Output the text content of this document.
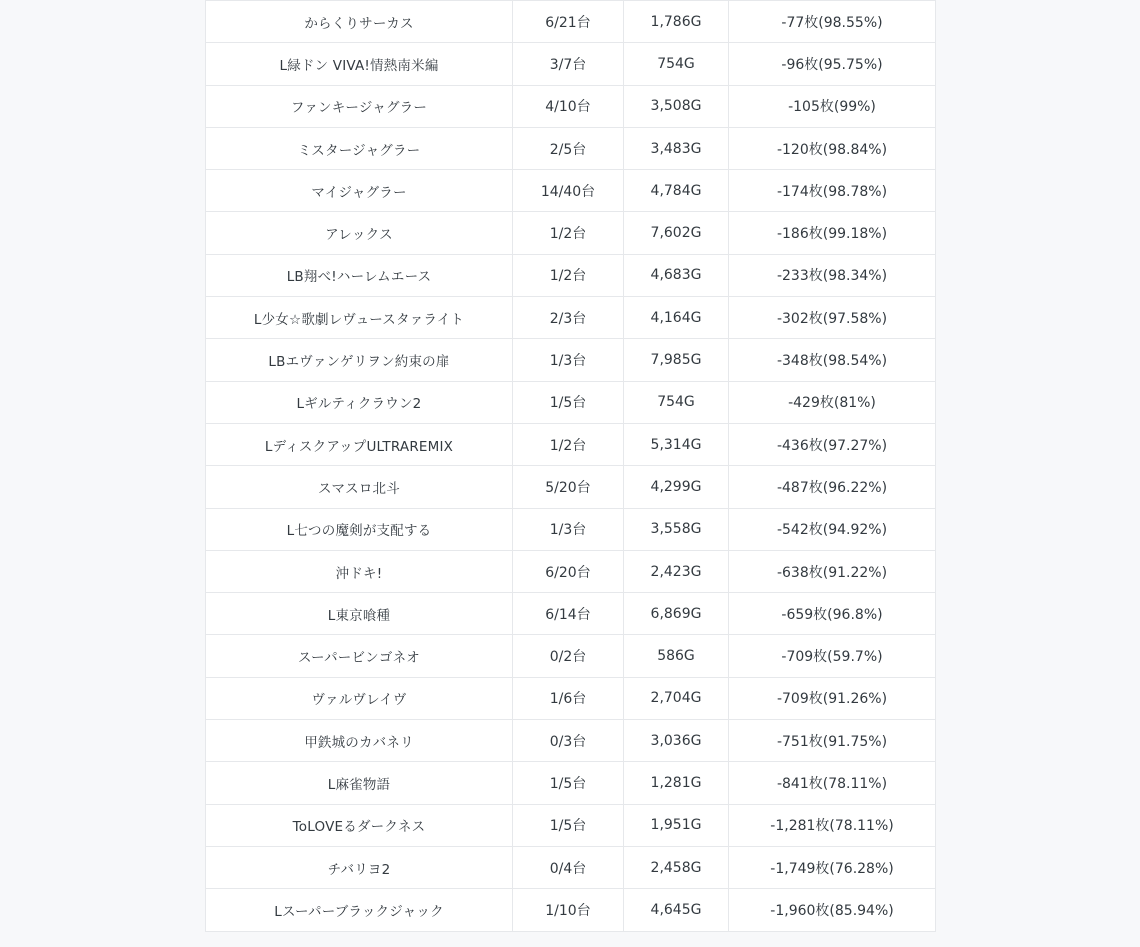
からくりサーカス	6/21台	1,786G	-77枚(98.55%)
L緑ドン VIVA!情熱南米編	3/7台	754G	-96枚(95.75%)
ファンキージャグラー	4/10台	3,508G	-105枚(99%)
ミスタージャグラー	2/5台	3,483G	-120枚(98.84%)
マイジャグラー	14/40台	4,784G	-174枚(98.78%)
アレックス	1/2台	7,602G	-186枚(99.18%)
LB翔べ!ハーレムエース	1/2台	4,683G	-233枚(98.34%)
L少女☆歌劇レヴュースタァライト	2/3台	4,164G	-302枚(97.58%)
LBエヴァンゲリヲン約束の扉	1/3台	7,985G	-348枚(98.54%)
Lギルティクラウン2	1/5台	754G	-429枚(81%)
LディスクアップULTRAREMIX	1/2台	5,314G	-436枚(97.27%)
スマスロ北斗	5/20台	4,299G	-487枚(96.22%)
L七つの魔剣が支配する	1/3台	3,558G	-542枚(94.92%)
沖ドキ!	6/20台	2,423G	-638枚(91.22%)
L東京喰種	6/14台	6,869G	-659枚(96.8%)
スーパービンゴネオ	0/2台	586G	-709枚(59.7%)
ヴァルヴレイヴ	1/6台	2,704G	-709枚(91.26%)
甲鉄城のカバネリ	0/3台	3,036G	-751枚(91.75%)
L麻雀物語	1/5台	1,281G	-841枚(78.11%)
ToLOVEるダークネス	1/5台	1,951G	-1,281枚(78.11%)
チバリヨ2	0/4台	2,458G	-1,749枚(76.28%)
Lスーパーブラックジャック	1/10台	4,645G	-1,960枚(85.94%)
